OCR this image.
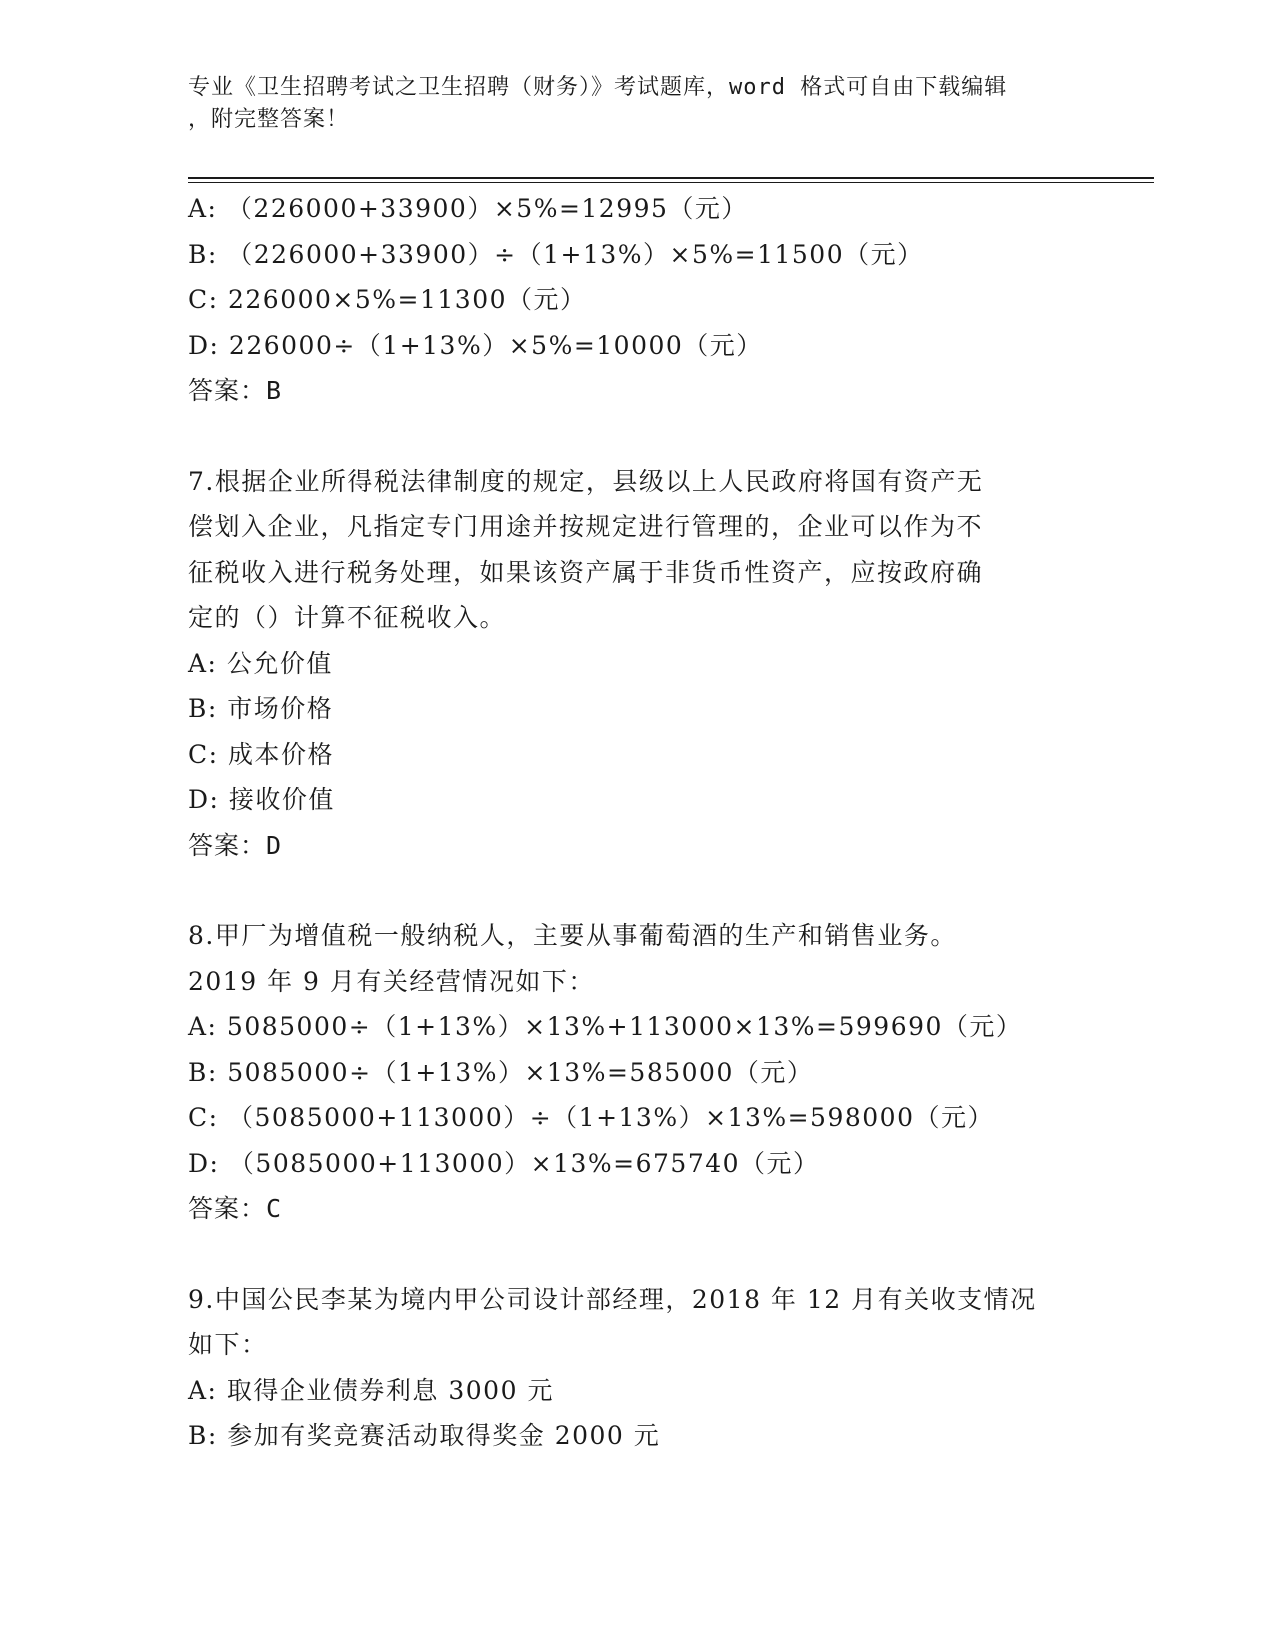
专业《卫生招聘考试之卫生招聘（财务）》考试题库，word 格式可自由下载编辑
，附完整答案！
A: （226000+33900）×5%=12995（元）
B: （226000+33900）÷（1+13%）×5%=11500（元）
C: 226000×5%=11300（元）
D: 226000÷（1+13%）×5%=10000（元）
答案：B
7.根据企业所得税法律制度的规定，县级以上人民政府将国有资产无
偿划入企业，凡指定专门用途并按规定进行管理的，企业可以作为不
征税收入进行税务处理，如果该资产属于非货币性资产，应按政府确
定的（）计算不征税收入。
A: 公允价值
B: 市场价格
C: 成本价格
D: 接收价值
答案：D
8.甲厂为增值税一般纳税人，主要从事葡萄酒的生产和销售业务。
2019 年 9 月有关经营情况如下：
A: 5085000÷（1+13%）×13%+113000×13%=599690（元）
B: 5085000÷（1+13%）×13%=585000（元）
C: （5085000+113000）÷（1+13%）×13%=598000（元）
D: （5085000+113000）×13%=675740（元）
答案：C
9.中国公民李某为境内甲公司设计部经理，2018 年 12 月有关收支情况
如下：
A: 取得企业债券利息 3000 元
B: 参加有奖竞赛活动取得奖金 2000 元
